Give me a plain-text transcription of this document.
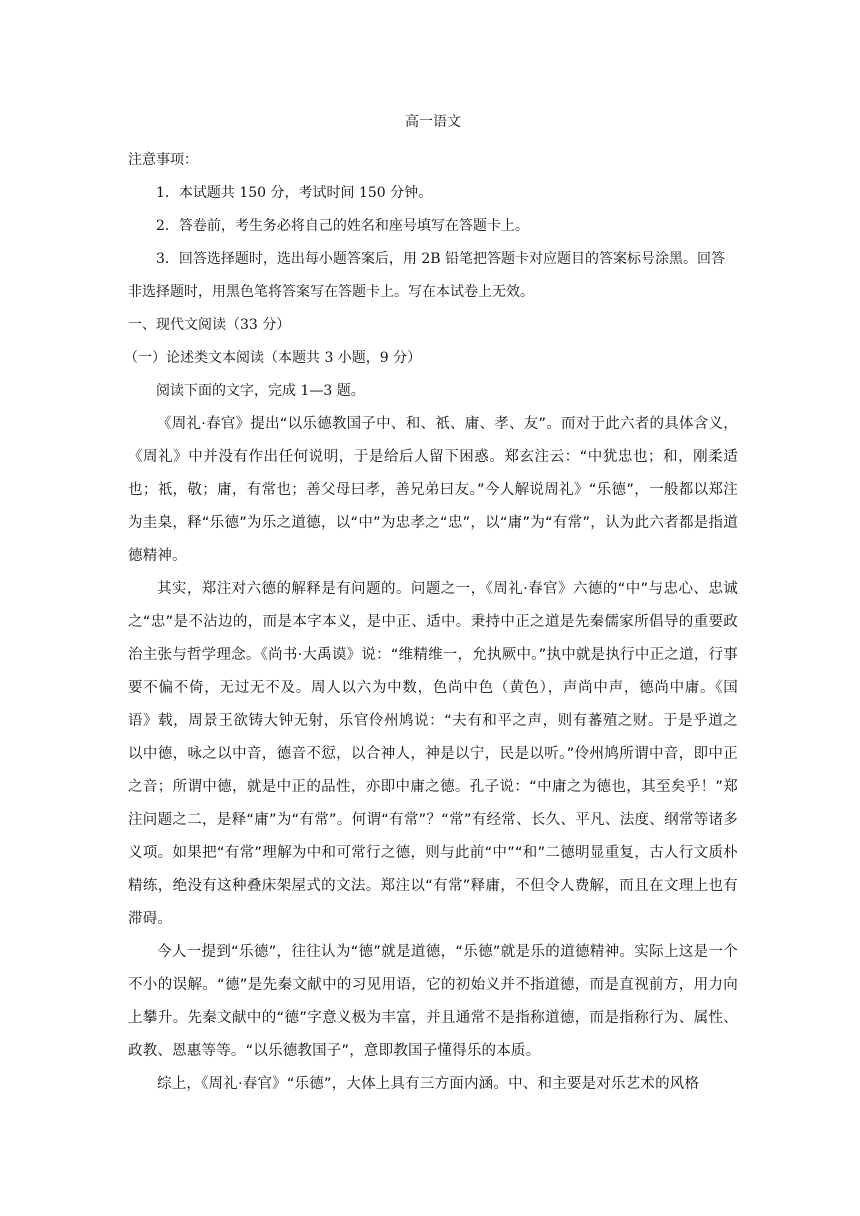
高一语文

注意事项：

1．本试题共 150 分，考试时间 150 分钟。

2．答卷前，考生务必将自己的姓名和座号填写在答题卡上。

3．回答选择题时，选出每小题答案后，用 2B 铅笔把答题卡对应题目的答案标号涂黑。回答非选择题时，用黑色笔将答案写在答题卡上。写在本试卷上无效。

一、现代文阅读（33 分）

（一）论述类文本阅读（本题共 3 小题，9 分）

阅读下面的文字，完成 1—3 题。

《周礼·春官》提出“以乐德教国子中、和、祇、庸、孝、友”。而对于此六者的具体含义，《周礼》中并没有作出任何说明，于是给后人留下困惑。郑玄注云：“中犹忠也；和，刚柔适也；祇，敬；庸，有常也；善父母曰孝，善兄弟曰友。”今人解说周礼》“乐德”，一般都以郑注为圭臬，释“乐德”为乐之道德，以“中”为忠孝之“忠”，以“庸”为“有常”，认为此六者都是指道德精神。

其实，郑注对六德的解释是有问题的。问题之一，《周礼·春官》六德的“中”与忠心、忠诚之“忠”是不沾边的，而是本字本义，是中正、适中。秉持中正之道是先秦儒家所倡导的重要政治主张与哲学理念。《尚书·大禹谟》说：“维精维一，允执厥中。”执中就是执行中正之道，行事要不偏不倚，无过无不及。周人以六为中数，色尚中色（黄色），声尚中声，德尚中庸。《国语》载，周景王欲铸大钟无射，乐官伶州鸠说：“夫有和平之声，则有蕃殖之财。于是乎道之以中德，咏之以中音，德音不愆，以合神人，神是以宁，民是以听。”伶州鸠所谓中音，即中正之音；所谓中德，就是中正的品性，亦即中庸之德。孔子说：“中庸之为德也，其至矣乎！”郑注问题之二，是释“庸”为“有常”。何谓“有常”？“常”有经常、长久、平凡、法度、纲常等诸多义项。如果把“有常”理解为中和可常行之德，则与此前“中”“和”二德明显重复，古人行文质朴精练，绝没有这种叠床架屋式的文法。郑注以“有常”释庸，不但令人费解，而且在文理上也有滞碍。

今人一提到“乐德”，往往认为“德”就是道德，“乐德”就是乐的道德精神。实际上这是一个不小的误解。“德”是先秦文献中的习见用语，它的初始义并不指道德，而是直视前方，用力向上攀升。先秦文献中的“德”字意义极为丰富，并且通常不是指称道德，而是指称行为、属性、政教、恩惠等等。“以乐德教国子”，意即教国子懂得乐的本质。

综上，《周礼·春官》“乐德”，大体上具有三方面内涵。中、和主要是对乐艺术的风格
